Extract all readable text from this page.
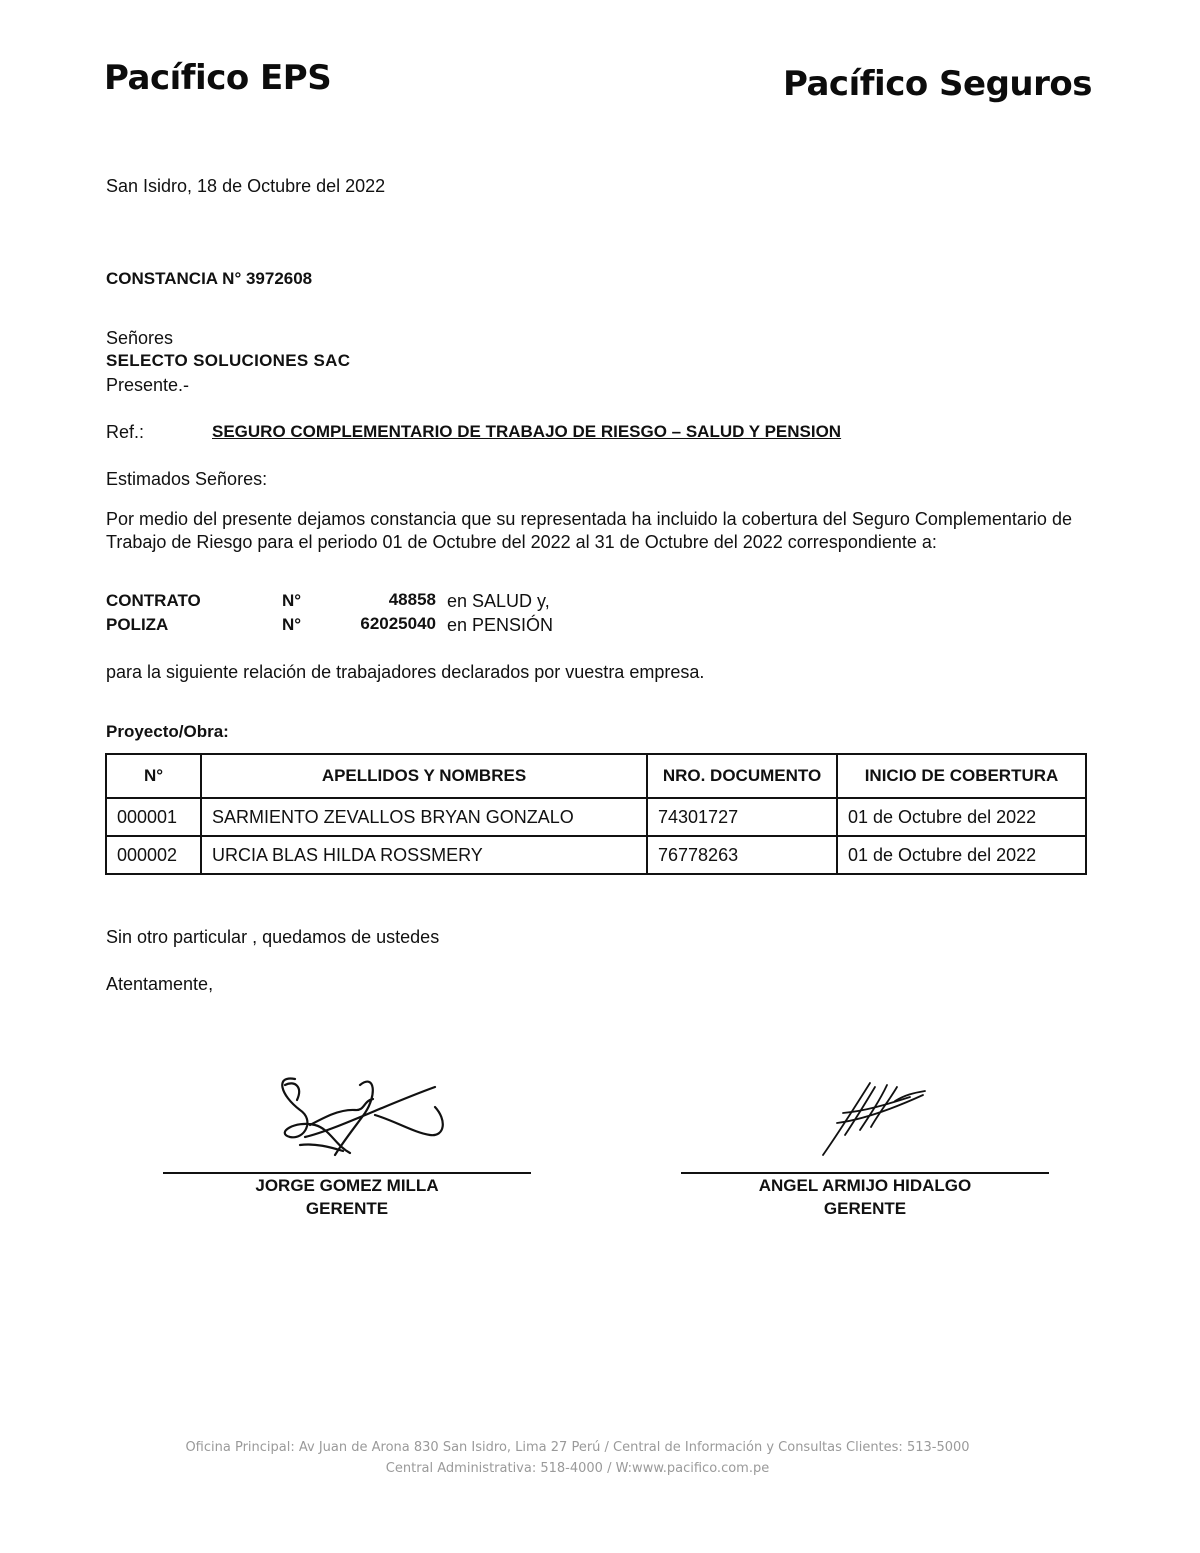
Pacífico EPS	Pacífico Seguros
San Isidro, 18 de Octubre del 2022
CONSTANCIA N° 3972608
Señores
SELECTO SOLUCIONES SAC
Presente.-
Ref.:	SEGURO COMPLEMENTARIO DE TRABAJO DE RIESGO – SALUD Y PENSION
Estimados Señores:
Por medio del presente dejamos constancia que su representada ha incluido la cobertura del Seguro Complementario de Trabajo de Riesgo para el periodo 01 de Octubre del 2022 al 31 de Octubre del 2022 correspondiente a:
CONTRATO	N°	48858 en SALUD y,
POLIZA	N°	62025040 en PENSIÓN
para la siguiente relación de trabajadores declarados por vuestra empresa.
Proyecto/Obra:
N°	APELLIDOS Y NOMBRES	NRO. DOCUMENTO	INICIO DE COBERTURA
000001	SARMIENTO ZEVALLOS BRYAN GONZALO	74301727	01 de Octubre del 2022
000002	URCIA BLAS HILDA ROSSMERY	76778263	01 de Octubre del 2022
Sin otro particular , quedamos de ustedes
Atentamente,
JORGE GOMEZ MILLA
GERENTE
ANGEL ARMIJO HIDALGO
GERENTE
Oficina Principal: Av Juan de Arona 830 San Isidro, Lima 27 Perú / Central de Información y Consultas Clientes: 513-5000
Central Administrativa: 518-4000 / W:www.pacifico.com.pe
